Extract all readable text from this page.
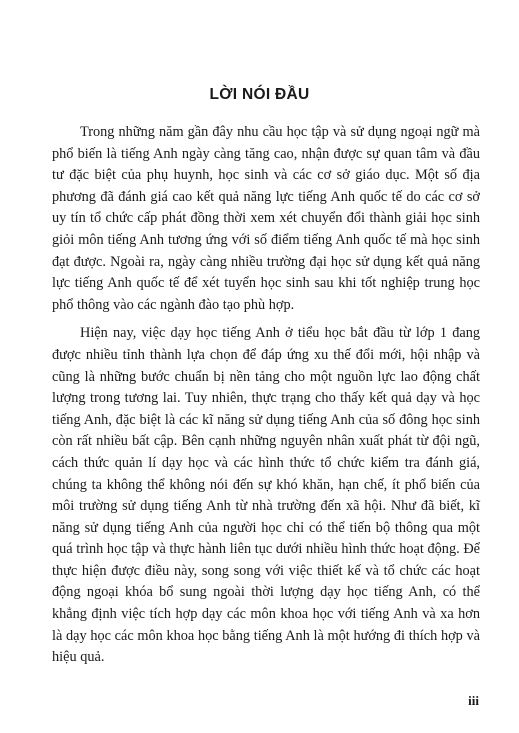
LỜI NÓI ĐẦU

Trong những năm gần đây nhu cầu học tập và sử dụng ngoại ngữ mà phổ biến là tiếng Anh ngày càng tăng cao, nhận được sự quan tâm và đầu tư đặc biệt của phụ huynh, học sinh và các cơ sở giáo dục. Một số địa phương đã đánh giá cao kết quả năng lực tiếng Anh quốc tế do các cơ sở uy tín tổ chức cấp phát đồng thời xem xét chuyển đổi thành giải học sinh giỏi môn tiếng Anh tương ứng với số điểm tiếng Anh quốc tế mà học sinh đạt được. Ngoài ra, ngày càng nhiều trường đại học sử dụng kết quả năng lực tiếng Anh quốc tế để xét tuyển học sinh sau khi tốt nghiệp trung học phổ thông vào các ngành đào tạo phù hợp.

Hiện nay, việc dạy học tiếng Anh ở tiểu học bắt đầu từ lớp 1 đang được nhiều tỉnh thành lựa chọn để đáp ứng xu thế đổi mới, hội nhập và cũng là những bước chuẩn bị nền tảng cho một nguồn lực lao động chất lượng trong tương lai. Tuy nhiên, thực trạng cho thấy kết quả dạy và học tiếng Anh, đặc biệt là các kĩ năng sử dụng tiếng Anh của số đông học sinh còn rất nhiều bất cập. Bên cạnh những nguyên nhân xuất phát từ đội ngũ, cách thức quản lí dạy học và các hình thức tổ chức kiểm tra đánh giá, chúng ta không thể không nói đến sự khó khăn, hạn chế, ít phổ biến của môi trường sử dụng tiếng Anh từ nhà trường đến xã hội. Như đã biết, kĩ năng sử dụng tiếng Anh của người học chỉ có thể tiến bộ thông qua một quá trình học tập và thực hành liên tục dưới nhiều hình thức hoạt động. Để thực hiện được điều này, song song với việc thiết kế và tổ chức các hoạt động ngoại khóa bổ sung ngoài thời lượng dạy học tiếng Anh, có thể khẳng định việc tích hợp dạy các môn khoa học với tiếng Anh và xa hơn là dạy học các môn khoa học bằng tiếng Anh là một hướng đi thích hợp và hiệu quả.

iii
